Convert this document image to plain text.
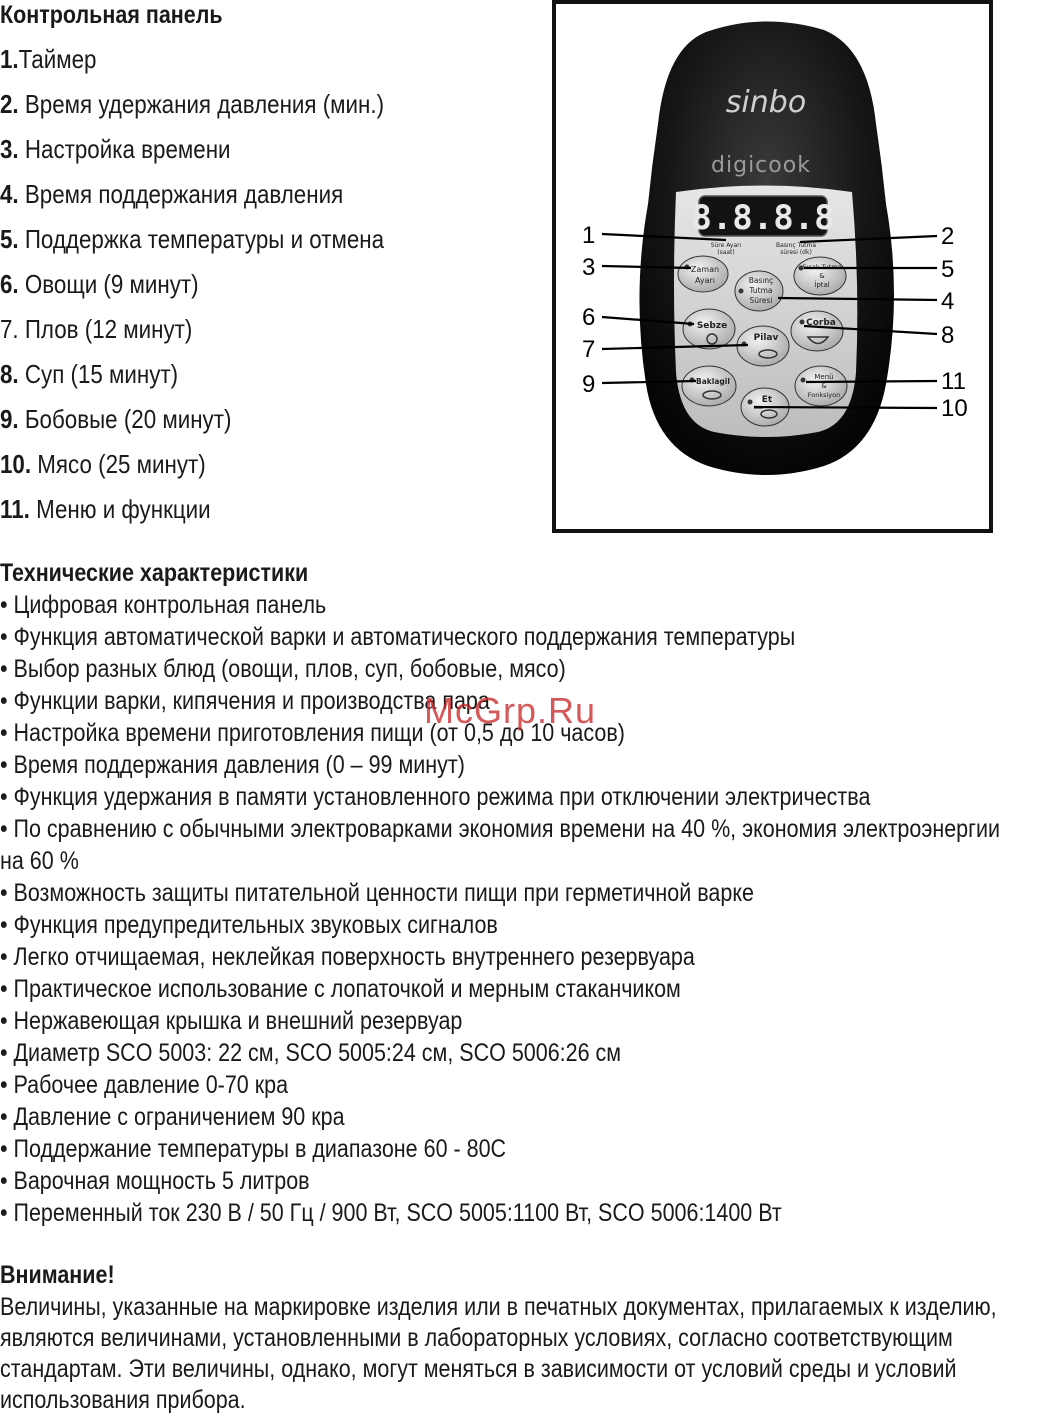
Контрольная панель
1.Таймер
2. Время удержания давления (мин.)
3. Настройка времени
4. Время поддержания давления
5. Поддержка температуры и отмена
6. Овощи (9 минут)
7. Плов (12 минут)
8. Суп (15 минут)
9. Бобовые (20 минут)
10. Мясо (25 минут)
11. Меню и функции
sinbo
digicook
8.8.8.8
Süre Ayarı
(saat)
Basınç Tutma
süresi (dk)
Zaman
Ayarı	Basınç
Tutma
Süresi
Sıcak Tutma
&
İptal
Sebze
Pilav
Çorba
Baklagil
Et
Menü
&
Fonksiyon
1
3
6
7
9
2
5
4
8
11
10
Технические характеристики
• Цифровая контрольная панель
• Функция автоматической варки и автоматического поддержания температуры
• Выбор разных блюд (овощи, плов, суп, бобовые, мясо)
• Функции варки, кипячения и производства пара
• Настройка времени приготовления пищи (от 0,5 до 10 часов)
• Время поддержания давления (0 – 99 минут)
• Функция удержания в памяти установленного режима при отключении электричества
• По сравнению с обычными электроварками экономия времени на 40 %, экономия электроэнергии
на 60 %
• Возможность защиты питательной ценности пищи при герметичной варке
• Функция предупредительных звуковых сигналов
• Легко отчищаемая, неклейкая поверхность внутреннего резервуара
• Практическое использование с лопаточкой и мерным стаканчиком
• Нержавеющая крышка и внешний резервуар
• Диаметр SCO 5003: 22 см, SCO 5005:24 см, SCO 5006:26 см
• Рабочее давление 0-70 кра
• Давление с ограничением 90 кра
• Поддержание температуры в диапазоне 60 - 80С
• Варочная мощность 5 литров
• Переменный ток 230 В / 50 Гц / 900 Вт, SCO 5005:1100 Вт, SCO 5006:1400 Вт
Внимание!
Величины, указанные на маркировке изделия или в печатных документах, прилагаемых к изделию,являются величинами, установленными в лабораторных условиях, согласно соответствующимстандартам. Эти величины, однако, могут меняться в зависимости от условий среды и условийиспользования прибора.
McGrp.Ru
